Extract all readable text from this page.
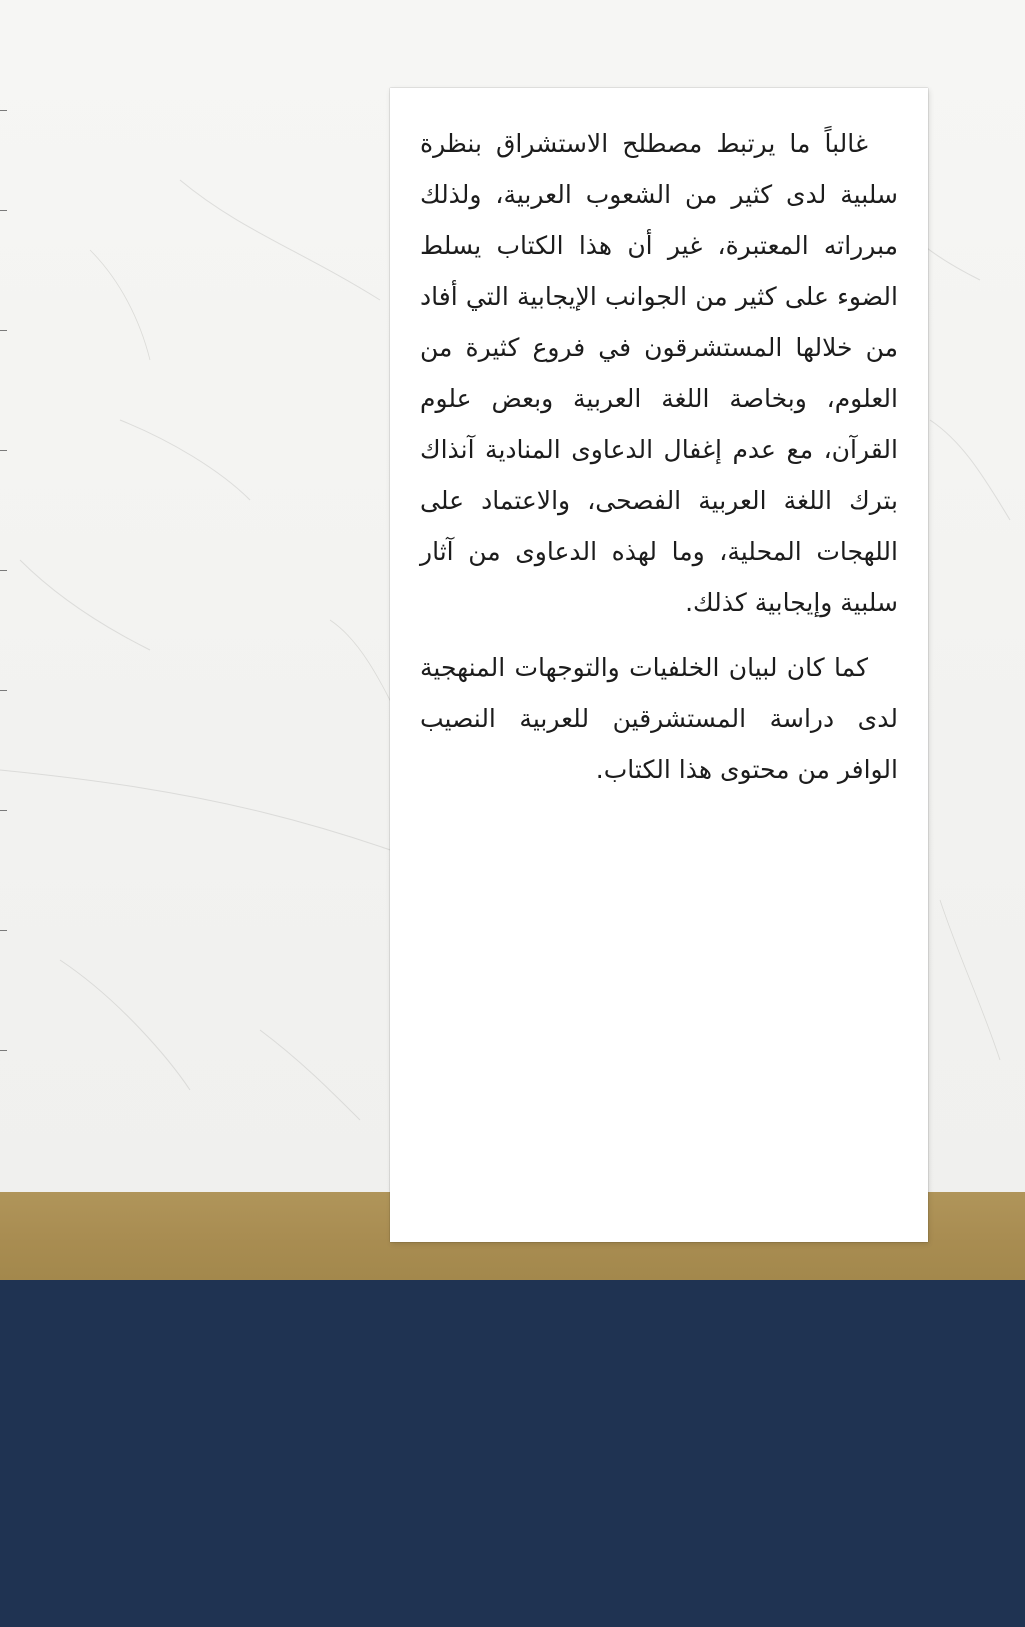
غالباً ما يرتبط مصطلح الاستشراق بنظرة سلبية لدى كثير من الشعوب العربية، ولذلك مبرراته المعتبرة، غير أن هذا الكتاب يسلط الضوء على كثير من الجوانب الإيجابية التي أفاد من خلالها المستشرقون في فروع كثيرة من العلوم، وبخاصة اللغة العربية وبعض علوم القرآن، مع عدم إغفال الدعاوى المنادية آنذاك بترك اللغة العربية الفصحى، والاعتماد على اللهجات المحلية، وما لهذه الدعاوى من آثار سلبية وإيجابية كذلك.

كما كان لبيان الخلفيات والتوجهات المنهجية لدى دراسة المستشرقين للعربية النصيب الوافر من محتوى هذا الكتاب.
